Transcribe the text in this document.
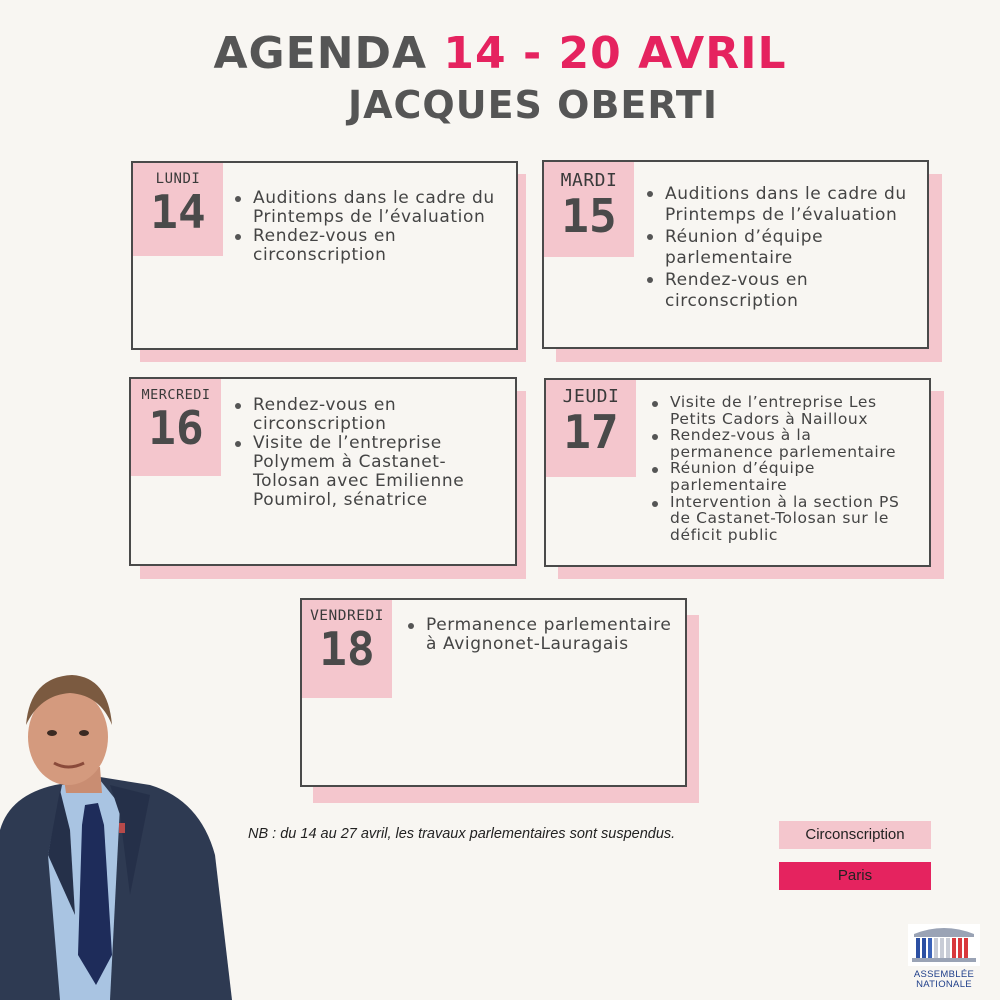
AGENDA 14 - 20 AVRIL
JACQUES OBERTI
LUNDI
14	Auditions dans le cadre du Printemps de l’évaluation
Rendez-vous en circonscription
MARDI
15	Auditions dans le cadre du Printemps de l’évaluation
Réunion d’équipe parlementaire
Rendez-vous en circonscription
MERCREDI
16	Rendez-vous en circonscription
Visite de l’entreprise Polymem à Castanet-Tolosan avec Emilienne Poumirol, sénatrice
JEUDI
17
Visite de l’entreprise Les Petits Cadors à Nailloux
Rendez-vous à la permanence parlementaire
Réunion d’équipe parlementaire
Intervention à la section PS de Castanet-Tolosan sur le déficit public
VENDREDI
18	Permanence parlementaire à Avignonet-Lauragais
NB : du 14 au 27 avril, les travaux parlementaires sont suspendus.	Circonscription
Paris
ASSEMBLÉE
NATIONALE
